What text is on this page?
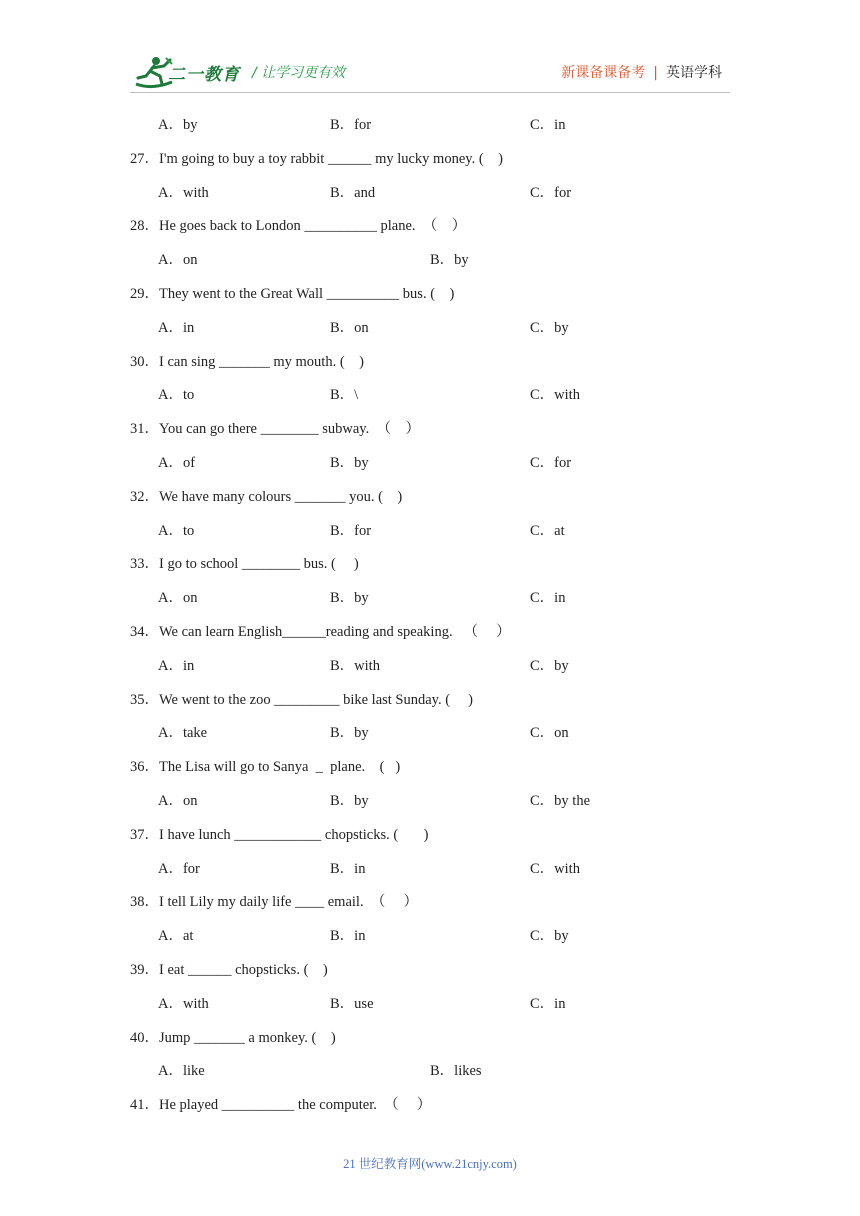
二一教育 / 让学习更有效	新课备课备考 | 英语学科
A．by	B．for	C．in
27．I'm going to buy a toy rabbit ______ my lucky money. (    )
A．with	B．and	C．for
28．He goes back to London __________ plane.  （    ）
A．on	B．by
29．They went to the Great Wall __________ bus. (    )
A．in	B．on	C．by
30．I can sing _______ my mouth. (    )
A．to	B．\	C．with
31．You can go there ________ subway.  （    ）
A．of	B．by	C．for
32．We have many colours _______ you. (    )
A．to	B．for	C．at
33．I go to school ________ bus. (     )
A．on	B．by	C．in
34．We can learn English______reading and speaking.   （     ）
A．in	B．with	C．by
35．We went to the zoo _________ bike last Sunday. (     )
A．take	B．by	C．on
36．The Lisa will go to Sanya  _  plane.    (   )
A．on	B．by	C．by the
37．I have lunch ____________ chopsticks. (       )
A．for	B．in	C．with
38．I tell Lily my daily life ____ email.  （     ）
A．at	B．in	C．by
39．I eat ______ chopsticks. (    )
A．with	B．use	C．in
40．Jump _______ a monkey. (    )
A．like	B．likes
41．He played __________ the computer.  （     ）
21 世纪教育网(www.21cnjy.com)
